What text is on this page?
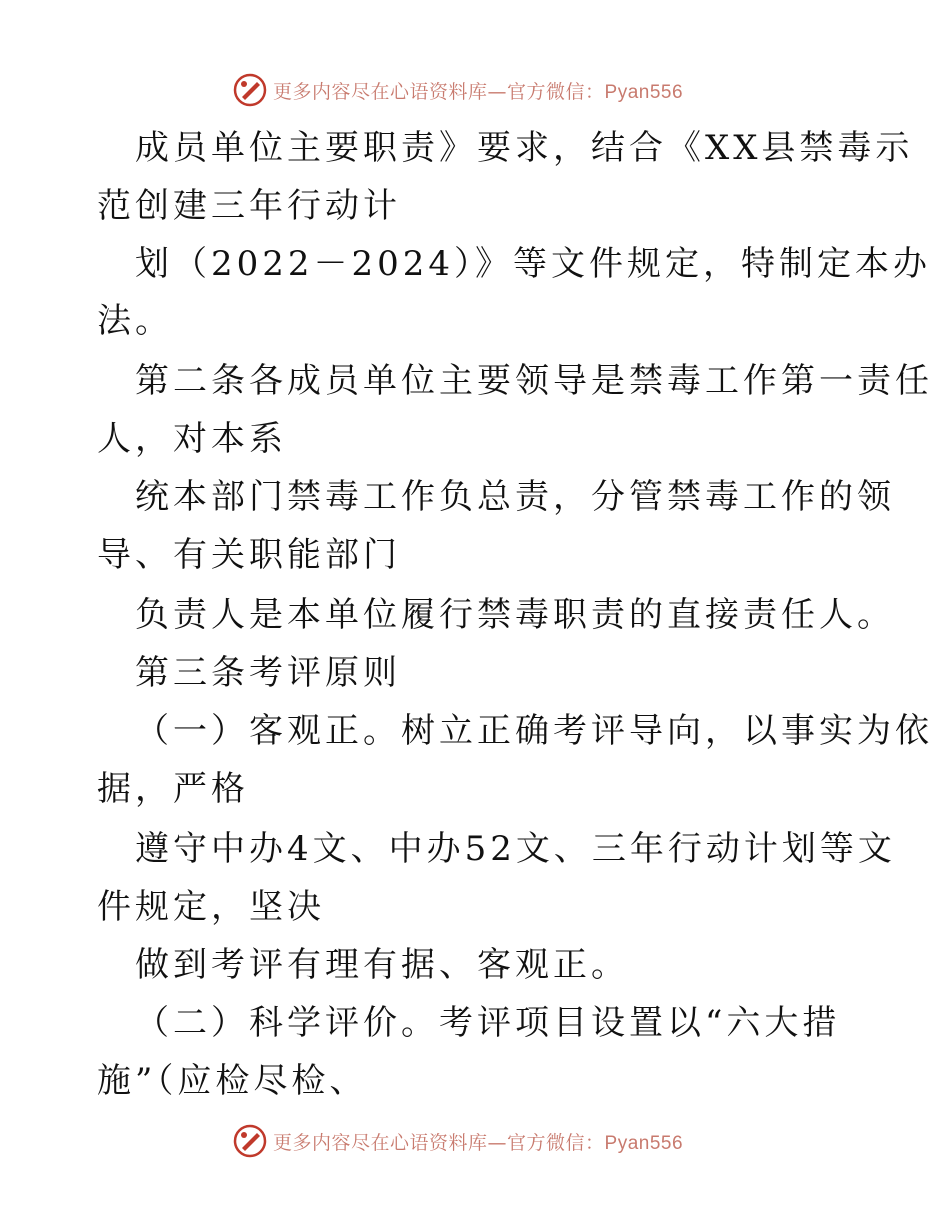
更多内容尽在心语资料库—官方微信：Pyan556
成员单位主要职责》要求，结合《XX县禁毒示
范创建三年行动计
划（2022－2024）》等文件规定，特制定本办
法。
第二条各成员单位主要领导是禁毒工作第一责任
人，对本系
统本部门禁毒工作负总责，分管禁毒工作的领
导、有关职能部门
负责人是本单位履行禁毒职责的直接责任人。
第三条考评原则
（一）客观正。树立正确考评导向，以事实为依
据，严格
遵守中办4文、中办52文、三年行动计划等文
件规定，坚决
做到考评有理有据、客观正。
（二）科学评价。考评项目设置以“六大措
施”（应检尽检、
更多内容尽在心语资料库—官方微信：Pyan556
